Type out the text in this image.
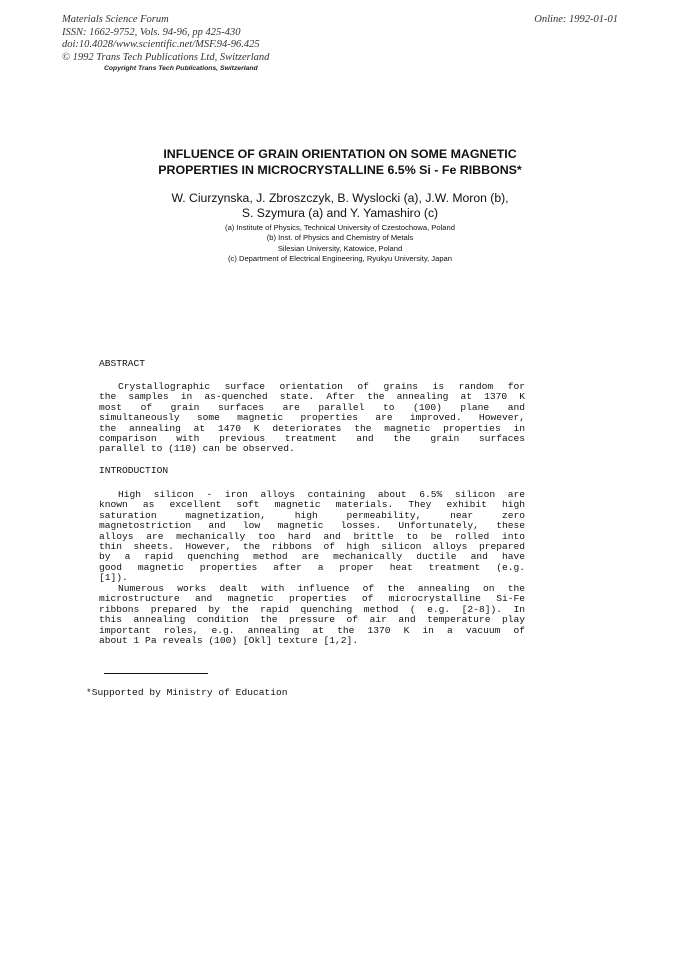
Materials Science Forum
ISSN: 1662-9752, Vols. 94-96, pp 425-430
doi:10.4028/www.scientific.net/MSF.94-96.425
© 1992 Trans Tech Publications Ltd, Switzerland
Copyright Trans Tech Publications, Switzerland
Online: 1992-01-01
INFLUENCE OF GRAIN ORIENTATION ON SOME MAGNETIC
PROPERTIES IN MICROCRYSTALLINE 6.5% Si - Fe RIBBONS*
W. Ciurzynska, J. Zbroszczyk, B. Wyslocki (a), J.W. Moron (b),
S. Szymura (a) and Y. Yamashiro (c)
(a) Institute of Physics, Technical University of Czestochowa, Poland
(b) Inst. of Physics and Chemistry of Metals
Silesian University, Katowice, Poland
(c) Department of Electrical Engineering, Ryukyu University, Japan
ABSTRACT
Crystallographic surface orientation of grains is random for
the samples in as-quenched state. After the annealing at 1370 K
most of grain surfaces are parallel to (100) plane and
simultaneously some magnetic properties are improved. However,
the annealing at 1470 K deteriorates the magnetic properties in
comparison with previous treatment and the grain surfaces
parallel to (110) can be observed.
INTRODUCTION
High silicon - iron alloys containing about 6.5% silicon are
known as excellent soft magnetic materials. They exhibit high
saturation magnetization, high permeability, near zero
magnetostriction and low magnetic losses. Unfortunately, these
alloys are mechanically too hard and brittle to be rolled into
thin sheets. However, the ribbons of high silicon alloys prepared
by a rapid quenching method are mechanically ductile and have
good magnetic properties after a proper heat treatment (e.g.
[1]).
Numerous works dealt with influence of the annealing on the
microstructure and magnetic properties of microcrystalline Si-Fe
ribbons prepared by the rapid quenching method ( e.g. [2-8]). In
this annealing condition the pressure of air and temperature play
important roles, e.g. annealing at the 1370 K in a vacuum of
about 1 Pa reveals (100) [Okl] texture [1,2].
*Supported by Ministry of Education
